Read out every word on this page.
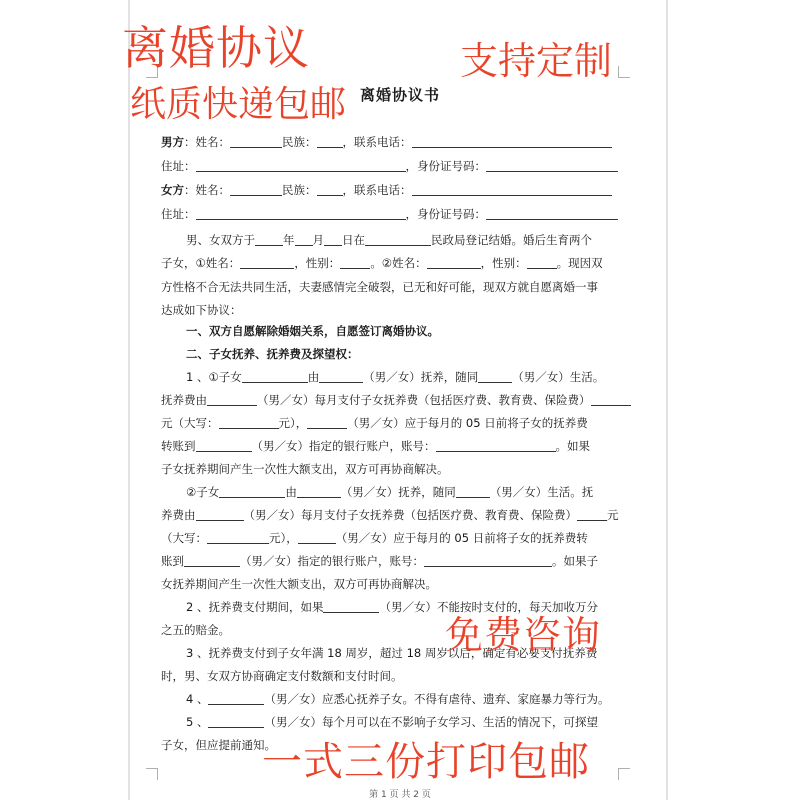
离婚协议书
男方：姓名：	民族： ，联系电话：
住址：	，身份证号码：
女方：姓名：	民族： ，联系电话：
住址：	，身份证号码：
男、女双方于 年 月 日在	民政局登记结婚。婚后生育两个
子女，①姓名：	，性别：	。②姓名：	，性别：	。现因双
方性格不合无法共同生活，夫妻感情完全破裂，已无和好可能，现双方就自愿离婚一事
达成如下协议：
一、双方自愿解除婚姻关系，自愿签订离婚协议。
二、子女抚养、抚养费及探望权：
1 、①子女	由	（男／女）抚养，随同	（男／女）生活。
抚养费由	（男／女）每月支付子女抚养费（包括医疗费、教育费、保险费）
元（大写：	元），	（男／女）应于每月的 05 日前将子女的抚养费
转账到	（男／女）指定的银行账户，账号：	。如果
子女抚养期间产生一次性大额支出，双方可再协商解决。
②子女	由	（男／女）抚养，随同	（男／女）生活。抚
养费由	（男／女）每月支付子女抚养费（包括医疗费、教育费、保险费）	元
（大写：	元），	（男／女）应于每月的 05 日前将子女的抚养费转
账到	（男／女）指定的银行账户，账号：	。如果子
女抚养期间产生一次性大额支出，双方可再协商解决。
2 、抚养费支付期间，如果	（男／女）不能按时支付的，每天加收万分
之五的赔金。
3 、抚养费支付到子女年满 18 周岁，超过 18 周岁以后，确定有必要支付抚养费
时，男、女双方协商确定支付数额和支付时间。
4 、	（男／女）应悉心抚养子女。不得有虐待、遗弃、家庭暴力等行为。
5 、	（男／女）每个月可以在不影响子女学习、生活的情况下，可探望
子女，但应提前通知。
第 1 页 共 2 页
离婚协议	支持定制
纸质快递包邮
免费咨询
一式三份打印包邮
